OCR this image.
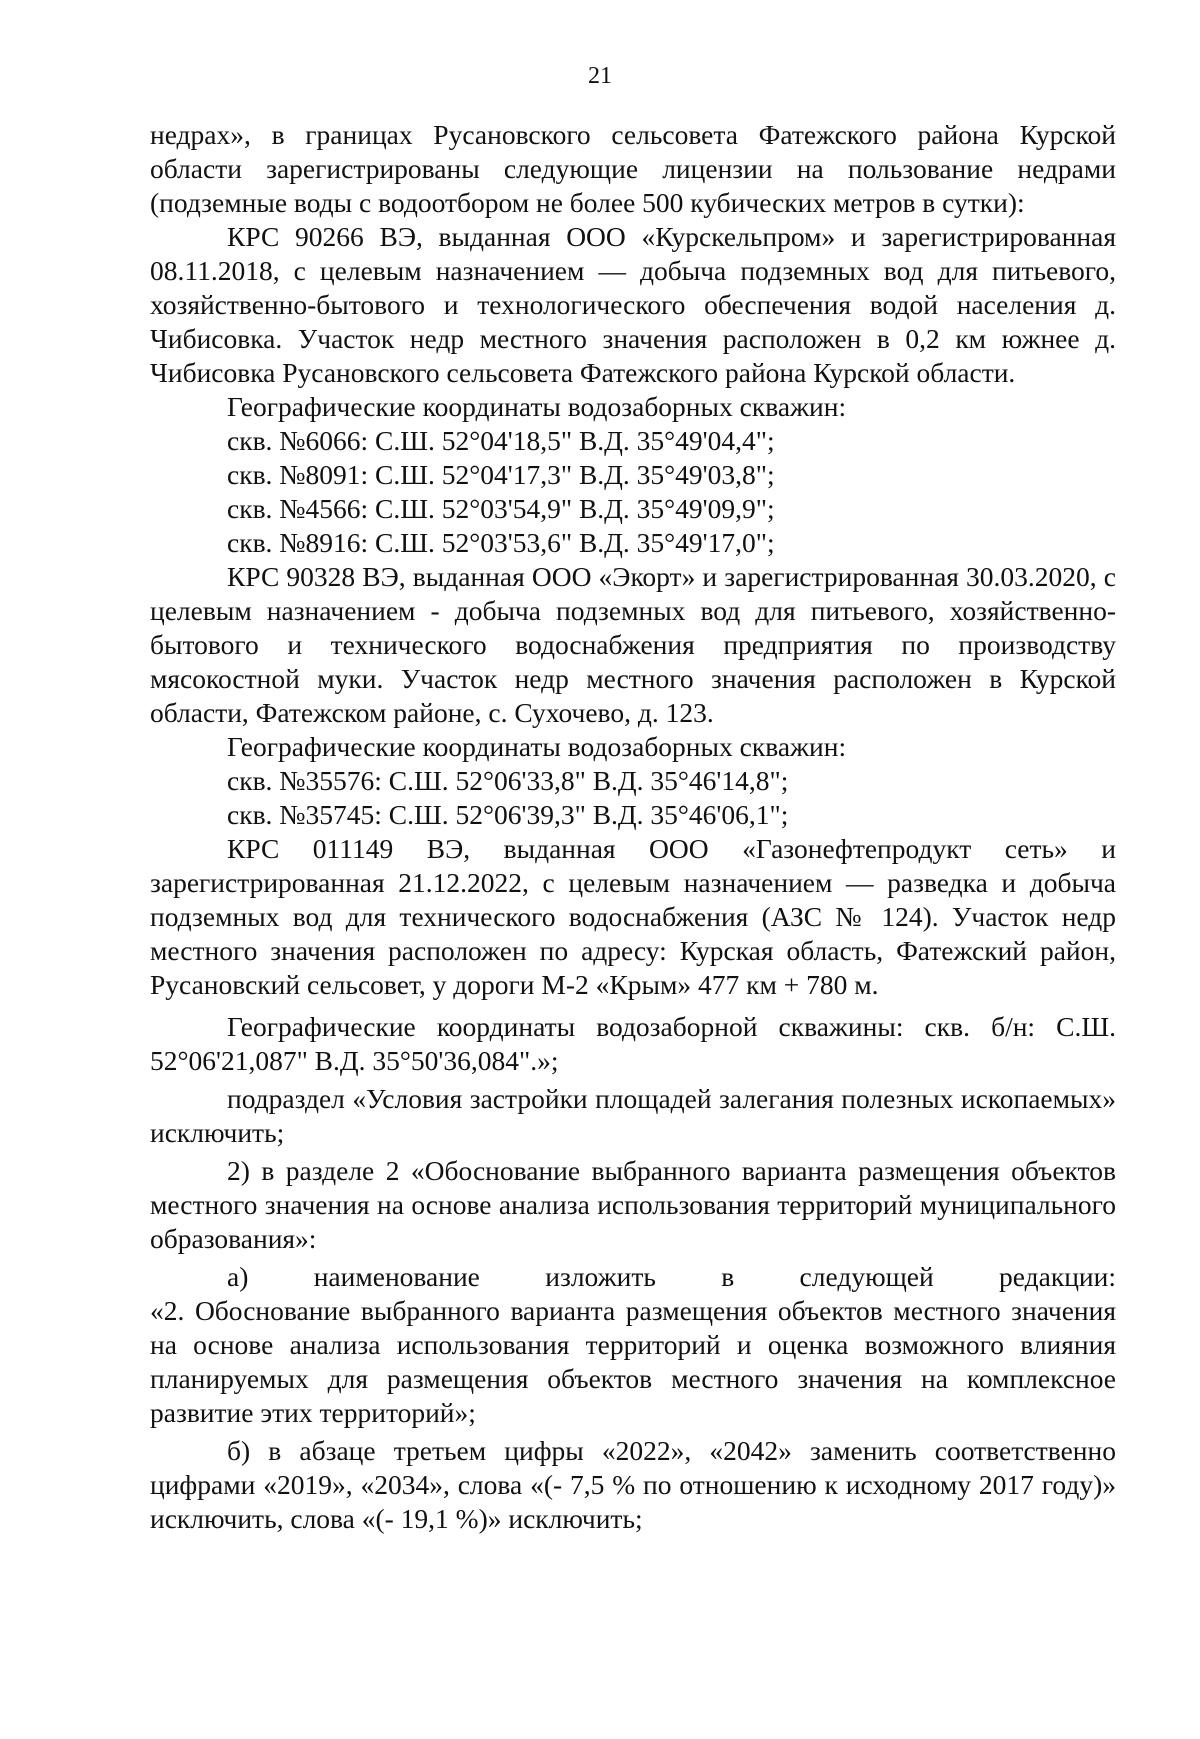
21

недрах», в границах Русановского сельсовета Фатежского района Курской области зарегистрированы следующие лицензии на пользование недрами (подземные воды с водоотбором не более 500 кубических метров в сутки):

КРС 90266 ВЭ, выданная ООО «Курскельпром» и зарегистрированная 08.11.2018, с целевым назначением — добыча подземных вод для питьевого, хозяйственно-бытового и технологического обеспечения водой населения д. Чибисовка. Участок недр местного значения расположен в 0,2 км южнее д. Чибисовка Русановского сельсовета Фатежского района Курской области.

Географические координаты водозаборных скважин:

скв. №6066: С.Ш. 52°04'18,5" В.Д. 35°49'04,4";

скв. №8091: С.Ш. 52°04'17,3" В.Д. 35°49'03,8";

скв. №4566: С.Ш. 52°03'54,9" В.Д. 35°49'09,9";

скв. №8916: С.Ш. 52°03'53,6" В.Д. 35°49'17,0";

КРС 90328 ВЭ, выданная ООО «Экорт» и зарегистрированная 30.03.2020, с целевым назначением - добыча подземных вод для питьевого, хозяйственно-бытового и технического водоснабжения предприятия по производству мясокостной муки. Участок недр местного значения расположен в Курской области, Фатежском районе, с. Сухочево, д. 123.

Географические координаты водозаборных скважин:

скв. №35576: С.Ш. 52°06'33,8" В.Д. 35°46'14,8";

скв. №35745: С.Ш. 52°06'39,3" В.Д. 35°46'06,1";

КРС 011149 ВЭ, выданная ООО «Газонефтепродукт сеть» и зарегистрированная 21.12.2022, с целевым назначением — разведка и добыча подземных вод для технического водоснабжения (АЗС № 124). Участок недр местного значения расположен по адресу: Курская область, Фатежский район, Русановский сельсовет, у дороги М-2 «Крым» 477 км + 780 м.

Географические координаты водозаборной скважины: скв. б/н: С.Ш. 52°06'21,087" В.Д. 35°50'36,084".»;

подраздел «Условия застройки площадей залегания полезных ископаемых» исключить;

2) в разделе 2 «Обоснование выбранного варианта размещения объектов местного значения на основе анализа использования территорий муниципального образования»:

а) наименование изложить в следующей редакции:

«2. Обоснование выбранного варианта размещения объектов местного значения на основе анализа использования территорий и оценка возможного влияния планируемых для размещения объектов местного значения на комплексное развитие этих территорий»;

б) в абзаце третьем цифры «2022», «2042» заменить соответственно цифрами «2019», «2034», слова «(- 7,5 % по отношению к исходному 2017 году)» исключить, слова «(- 19,1 %)» исключить;
